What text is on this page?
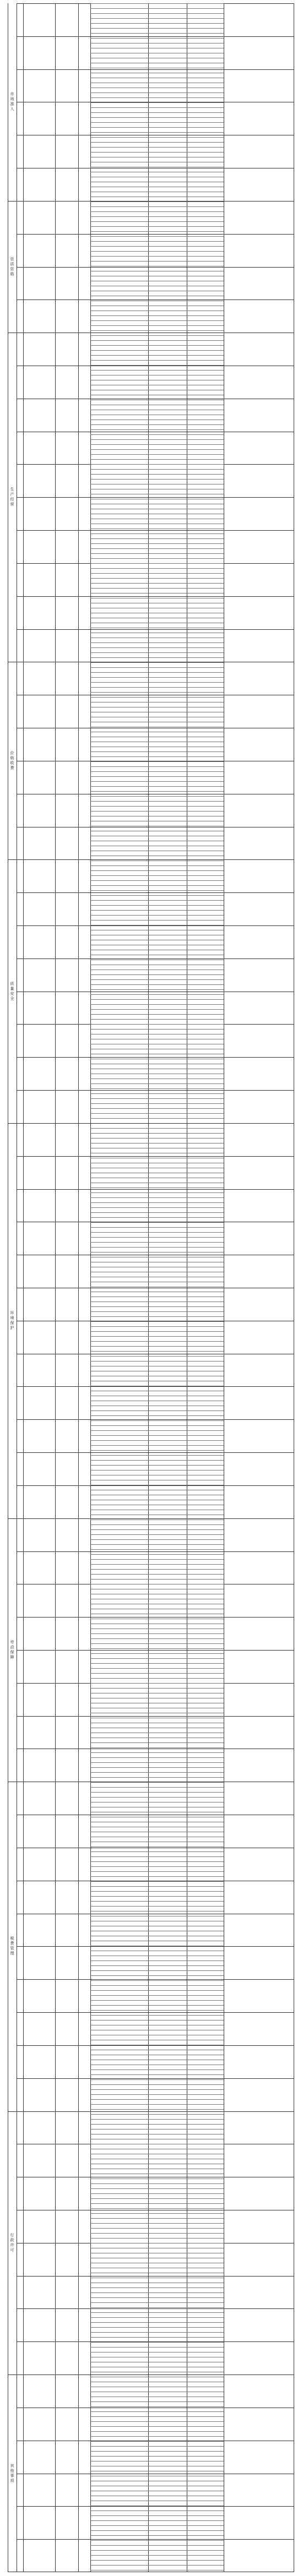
市场准入
资质资格
生产经营
价格收费
质量安全
环境保护
劳动保障
税费管理
行政许可
其他事项
